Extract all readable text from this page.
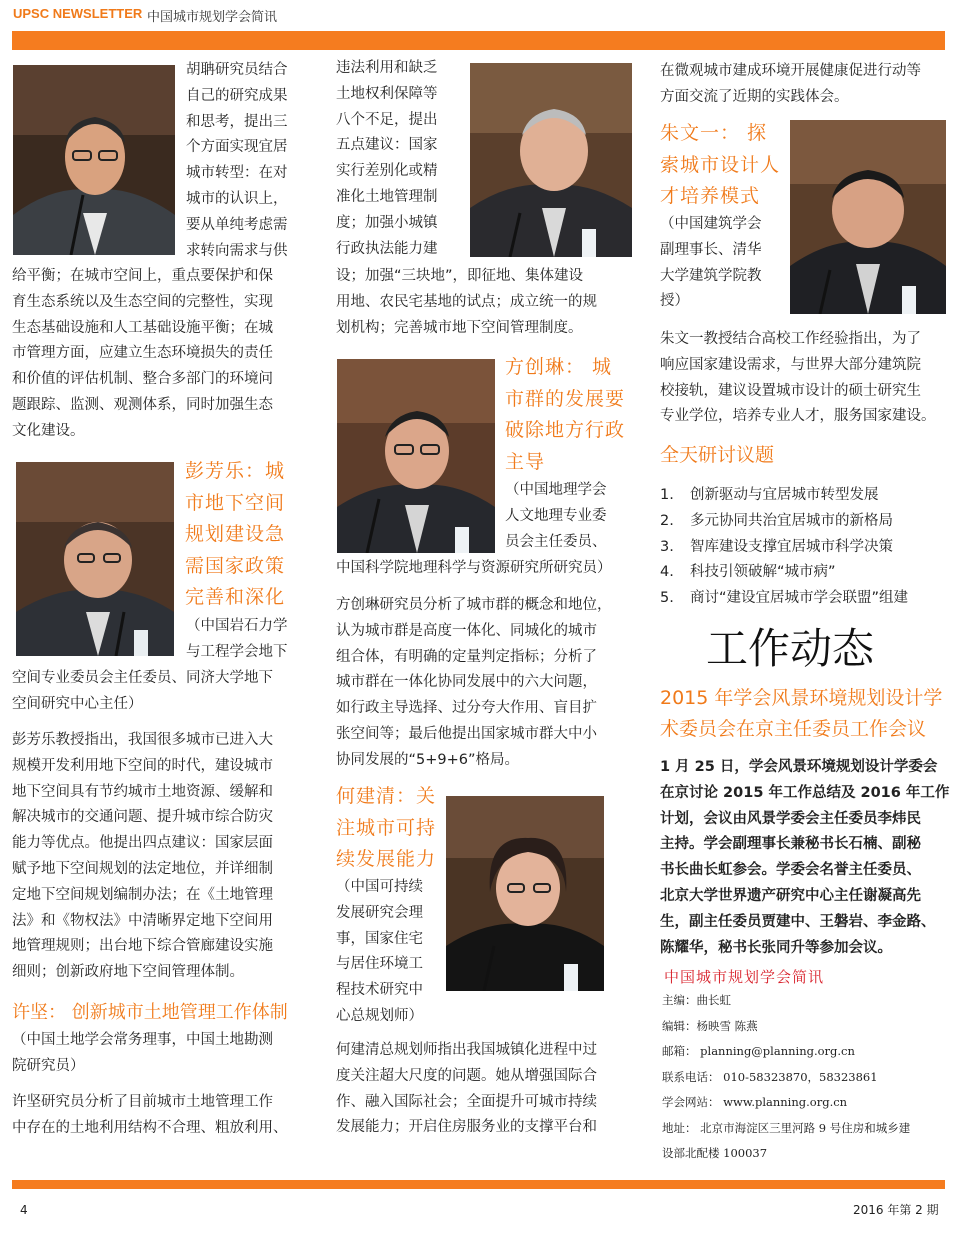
UPSC NEWSLETTER 中国城市规划学会简讯

胡聃研究员结合

自己的研究成果

和思考，提出三

个方面实现宜居

城市转型：在对

城市的认识上，

要从单纯考虑需

求转向需求与供

给平衡；在城市空间上，重点要保护和保

育生态系统以及生态空间的完整性，实现

生态基础设施和人工基础设施平衡；在城

市管理方面，应建立生态环境损失的责任

和价值的评估机制、整合多部门的环境问

题跟踪、监测、观测体系，同时加强生态

文化建设。

彭芳乐：城

市地下空间

规划建设急

需国家政策

完善和深化

（中国岩石力学

与工程学会地下

空间专业委员会主任委员、同济大学地下

空间研究中心主任）

彭芳乐教授指出，我国很多城市已进入大

规模开发利用地下空间的时代，建设城市

地下空间具有节约城市土地资源、缓解和

解决城市的交通问题、提升城市综合防灾

能力等优点。他提出四点建议：国家层面

赋予地下空间规划的法定地位，并详细制

定地下空间规划编制办法；在《土地管理

法》和《物权法》中清晰界定地下空间用

地管理规则；出台地下综合管廊建设实施

细则；创新政府地下空间管理体制。

许坚： 创新城市土地管理工作体制

（中国土地学会常务理事，中国土地勘测

院研究员）

许坚研究员分析了目前城市土地管理工作

中存在的土地利用结构不合理、粗放利用、

违法利用和缺乏

土地权利保障等

八个不足，提出

五点建议：国家

实行差别化或精

准化土地管理制

度；加强小城镇

行政执法能力建

设；加强“三块地”，即征地、集体建设

用地、农民宅基地的试点；成立统一的规

划机构；完善城市地下空间管理制度。

方创琳： 城

市群的发展要

破除地方行政

主导

（中国地理学会

人文地理专业委

员会主任委员、

中国科学院地理科学与资源研究所研究员）

方创琳研究员分析了城市群的概念和地位，

认为城市群是高度一体化、同城化的城市

组合体，有明确的定量判定指标；分析了

城市群在一体化协同发展中的六大问题，

如行政主导选择、过分夸大作用、盲目扩

张空间等；最后他提出国家城市群大中小

协同发展的“5+9+6”格局。

何建清：关

注城市可持

续发展能力

（中国可持续

发展研究会理

事，国家住宅

与居住环境工

程技术研究中

心总规划师）

何建清总规划师指出我国城镇化进程中过

度关注超大尺度的问题。她从增强国际合

作、融入国际社会；全面提升可城市持续

发展能力；开启住房服务业的支撑平台和

在微观城市建成环境开展健康促进行动等

方面交流了近期的实践体会。

朱文一： 探

索城市设计人

才培养模式

（中国建筑学会

副理事长、清华

大学建筑学院教

授）

朱文一教授结合高校工作经验指出，为了

响应国家建设需求，与世界大部分建筑院

校接轨，建议设置城市设计的硕士研究生

专业学位，培养专业人才，服务国家建设。

全天研讨议题
1. 创新驱动与宜居城市转型发展
2. 多元协同共治宜居城市的新格局
3. 智库建设支撑宜居城市科学决策
4. 科技引领破解“城市病”
5. 商讨“建设宜居城市学会联盟”组建
工作动态

2015 年学会风景环境规划设计学

术委员会在京主任委员工作会议

1 月 25 日，学会风景环境规划设计学委会

在京讨论 2015 年工作总结及 2016 年工作

计划，会议由风景学委会主任委员李炜民

主持。学会副理事长兼秘书长石楠、副秘

书长曲长虹参会。学委会名誉主任委员、

北京大学世界遗产研究中心主任谢凝高先

生，副主任委员贾建中、王磐岩、李金路、

陈耀华，秘书长张同升等参加会议。

中国城市规划学会简讯
主编：曲长虹
编辑：杨映雪 陈燕
邮箱： planning@planning.org.cn
联系电话： 010-58323870，58323861
学会网站： www.planning.org.cn
地址： 北京市海淀区三里河路 9 号住房和城乡建
设部北配楼 100037
4	2016 年第 2 期
